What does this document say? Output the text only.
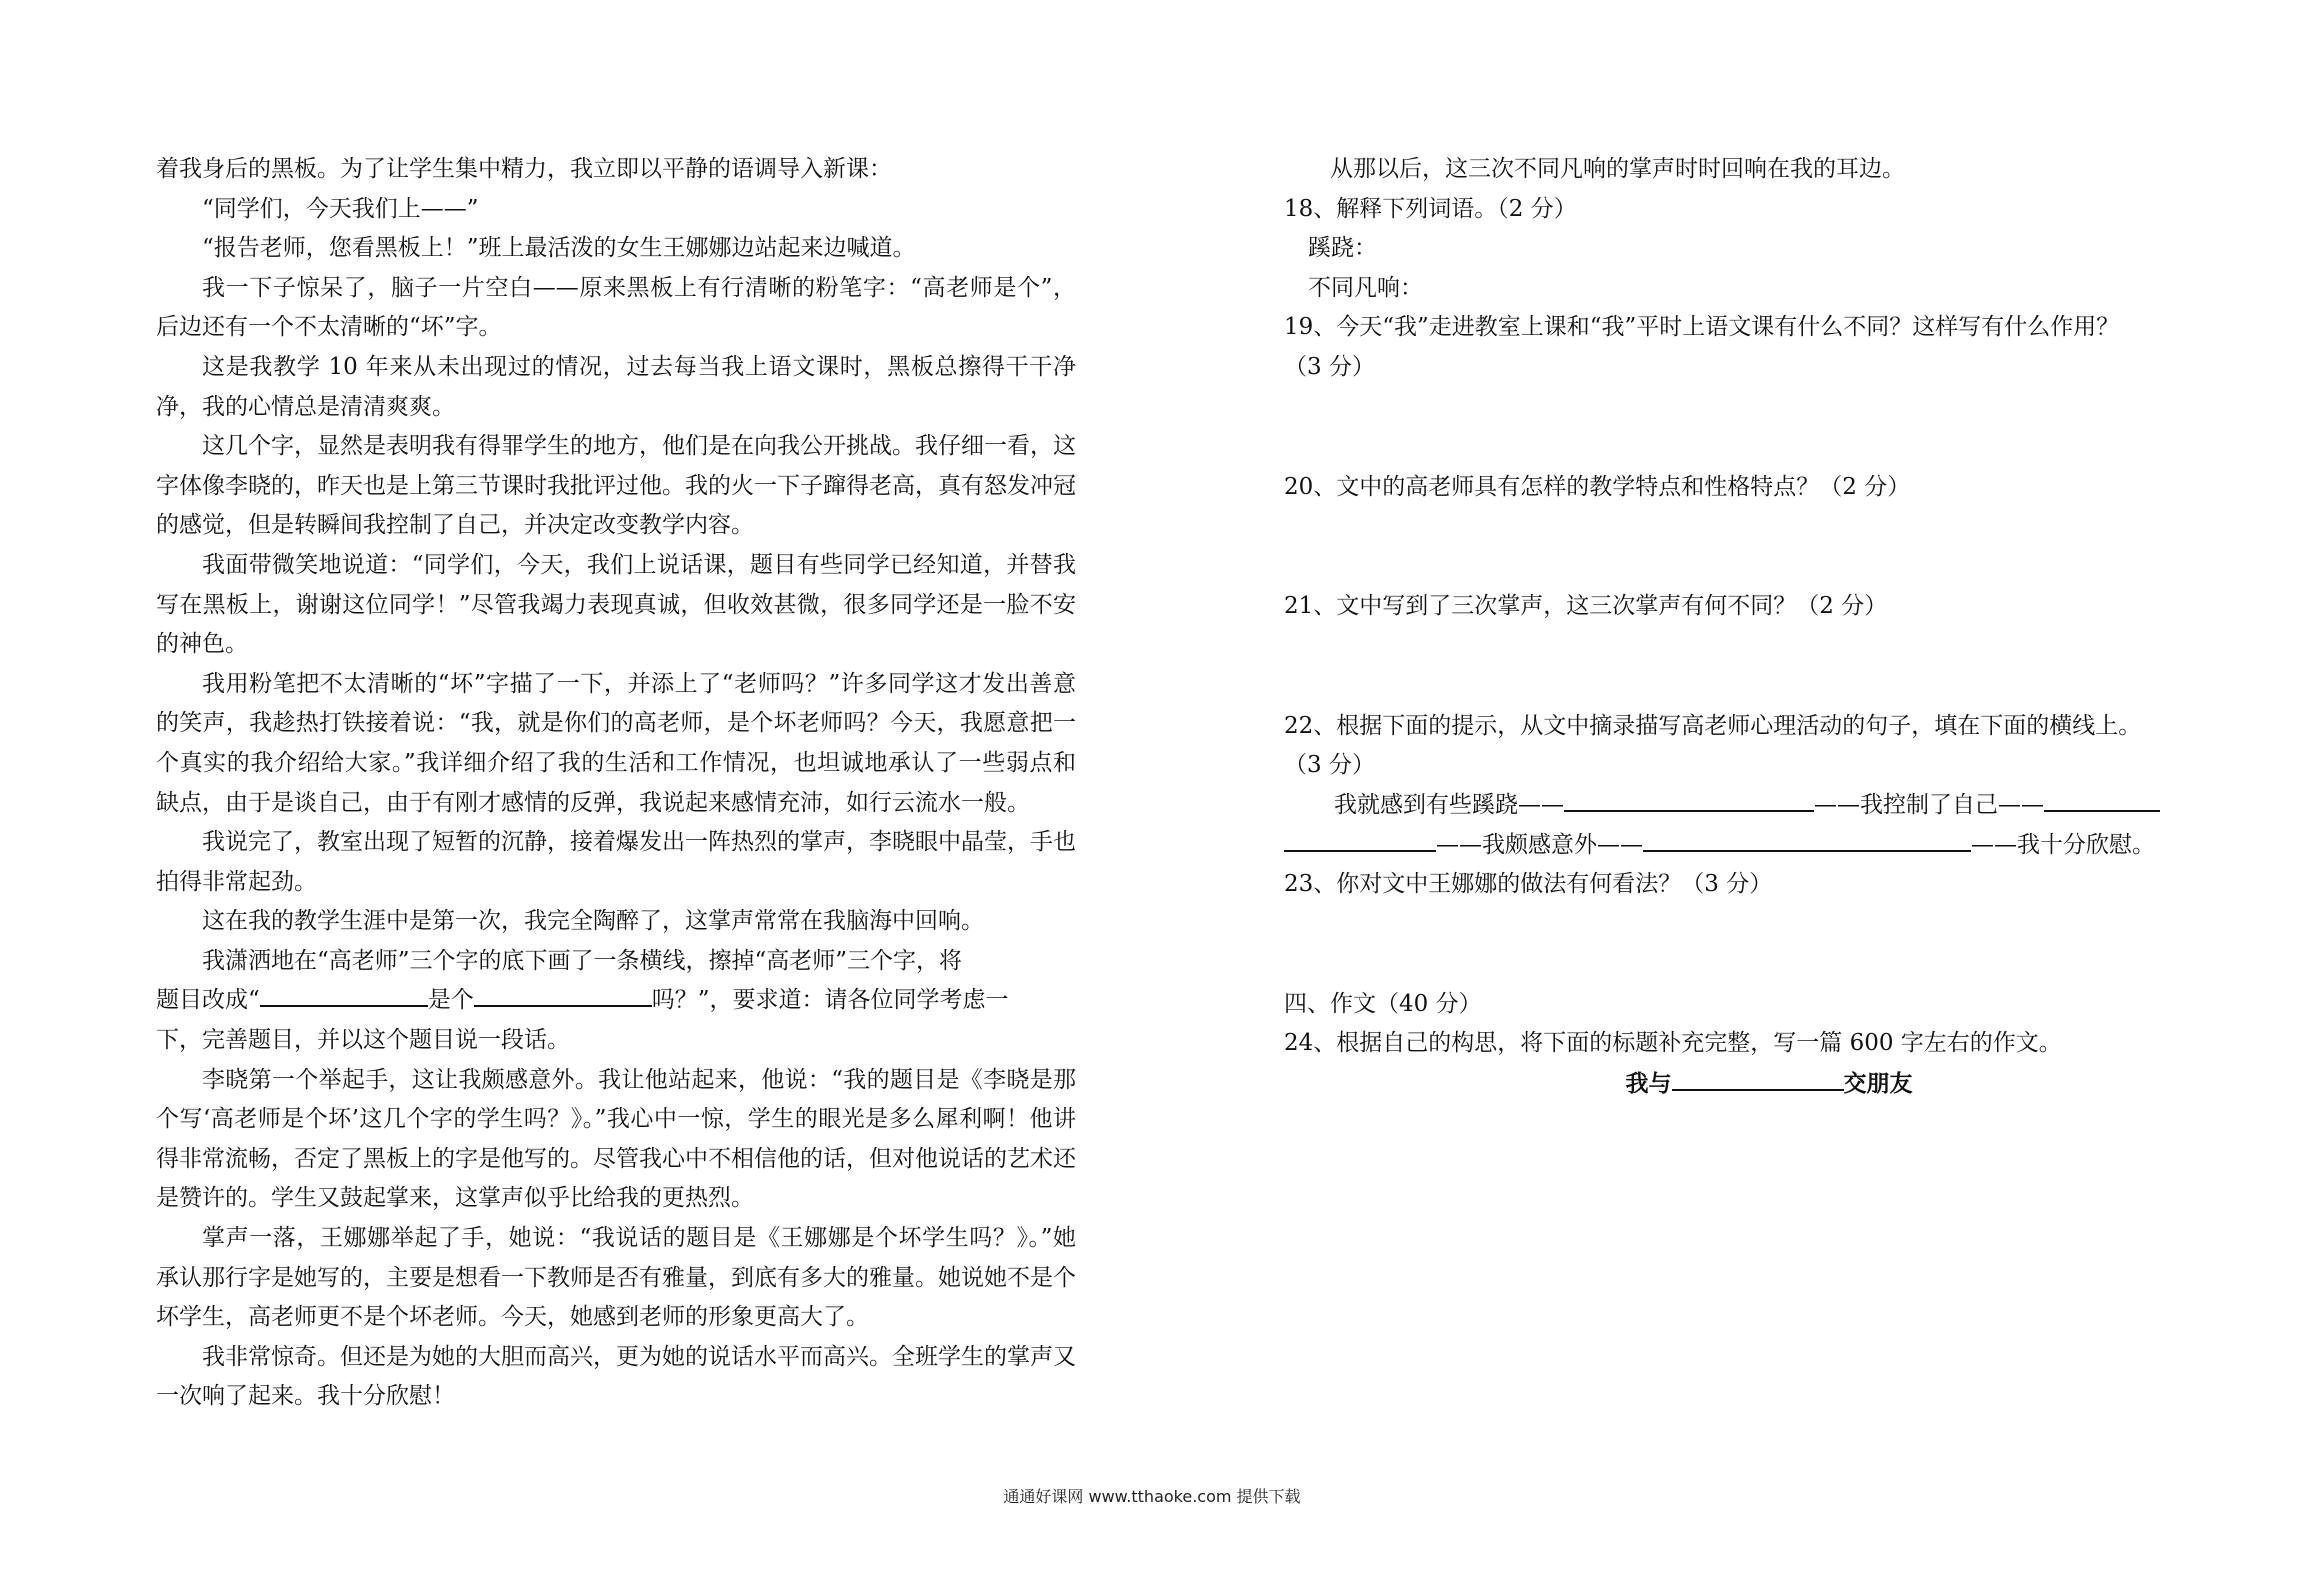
着我身后的黑板。为了让学生集中精力，我立即以平静的语调导入新课：

“同学们，今天我们上——”

“报告老师，您看黑板上！”班上最活泼的女生王娜娜边站起来边喊道。

我一下子惊呆了，脑子一片空白——原来黑板上有行清晰的粉笔字：“高老师是个”，后边还有一个不太清晰的“坏”字。

这是我教学 10 年来从未出现过的情况，过去每当我上语文课时，黑板总擦得干干净净，我的心情总是清清爽爽。

这几个字，显然是表明我有得罪学生的地方，他们是在向我公开挑战。我仔细一看，这字体像李晓的，昨天也是上第三节课时我批评过他。我的火一下子蹿得老高，真有怒发冲冠的感觉，但是转瞬间我控制了自己，并决定改变教学内容。

我面带微笑地说道：“同学们，今天，我们上说话课，题目有些同学已经知道，并替我写在黑板上，谢谢这位同学！”尽管我竭力表现真诚，但收效甚微，很多同学还是一脸不安的神色。

我用粉笔把不太清晰的“坏”字描了一下，并添上了“老师吗？”许多同学这才发出善意的笑声，我趁热打铁接着说：“我，就是你们的高老师，是个坏老师吗？今天，我愿意把一个真实的我介绍给大家。”我详细介绍了我的生活和工作情况，也坦诚地承认了一些弱点和缺点，由于是谈自己，由于有刚才感情的反弹，我说起来感情充沛，如行云流水一般。

我说完了，教室出现了短暂的沉静，接着爆发出一阵热烈的掌声，李晓眼中晶莹，手也拍得非常起劲。

这在我的教学生涯中是第一次，我完全陶醉了，这掌声常常在我脑海中回响。

我潇洒地在“高老师”三个字的底下画了一条横线，擦掉“高老师”三个字，将

题目改成“	是个	吗？”，要求道：请各位同学考虑一

下，完善题目，并以这个题目说一段话。

李晓第一个举起手，这让我颇感意外。我让他站起来，他说：“我的题目是《李晓是那个写‘高老师是个坏’这几个字的学生吗？》。”我心中一惊，学生的眼光是多么犀利啊！他讲得非常流畅，否定了黑板上的字是他写的。尽管我心中不相信他的话，但对他说话的艺术还是赞许的。学生又鼓起掌来，这掌声似乎比给我的更热烈。

掌声一落，王娜娜举起了手，她说：“我说话的题目是《王娜娜是个坏学生吗？》。”她承认那行字是她写的，主要是想看一下教师是否有雅量，到底有多大的雅量。她说她不是个坏学生，高老师更不是个坏老师。今天，她感到老师的形象更高大了。

我非常惊奇。但还是为她的大胆而高兴，更为她的说话水平而高兴。全班学生的掌声又一次响了起来。我十分欣慰！

从那以后，这三次不同凡响的掌声时时回响在我的耳边。

18、解释下列词语。（2 分）

蹊跷：

不同凡响：

19、今天“我”走进教室上课和“我”平时上语文课有什么不同？这样写有什么作用？

（3 分）

20、文中的高老师具有怎样的教学特点和性格特点？（2 分）

21、文中写到了三次掌声，这三次掌声有何不同？（2 分）

22、根据下面的提示，从文中摘录描写高老师心理活动的句子，填在下面的横线上。

（3 分）

我就感到有些蹊跷——	——我控制了自己——

——我颇感意外——	——我十分欣慰。

23、你对文中王娜娜的做法有何看法？（3 分）

四、作文（40 分）

24、根据自己的构思，将下面的标题补充完整，写一篇 600 字左右的作文。

我与	交朋友

通通好课网 www.tthaoke.com 提供下载
